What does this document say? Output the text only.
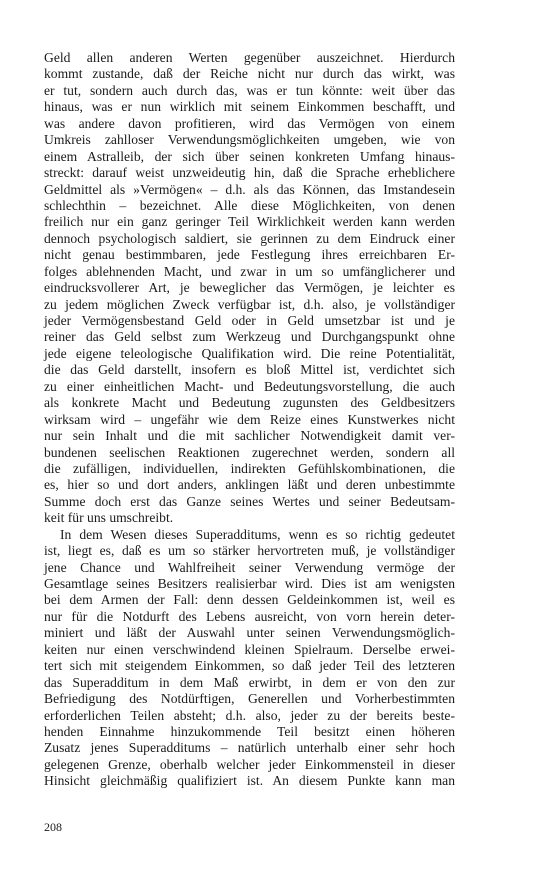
Geld allen anderen Werten gegenüber auszeichnet. Hierdurch
kommt zustande, daß der Reiche nicht nur durch das wirkt, was
er tut, sondern auch durch das, was er tun könnte: weit über das
hinaus, was er nun wirklich mit seinem Einkommen beschafft, und
was andere davon profitieren, wird das Vermögen von einem
Umkreis zahlloser Verwendungsmöglichkeiten umgeben, wie von
einem Astralleib, der sich über seinen konkreten Umfang hinaus-
streckt: darauf weist unzweideutig hin, daß die Sprache erheblichere
Geldmittel als »Vermögen« – d.h. als das Können, das Imstandesein
schlechthin – bezeichnet. Alle diese Möglichkeiten, von denen
freilich nur ein ganz geringer Teil Wirklichkeit werden kann werden
dennoch psychologisch saldiert, sie gerinnen zu dem Eindruck einer
nicht genau bestimmbaren, jede Festlegung ihres erreichbaren Er-
folges ablehnenden Macht, und zwar in um so umfänglicherer und
eindrucksvollerer Art, je beweglicher das Vermögen, je leichter es
zu jedem möglichen Zweck verfügbar ist, d.h. also, je vollständiger
jeder Vermögensbestand Geld oder in Geld umsetzbar ist und je
reiner das Geld selbst zum Werkzeug und Durchgangspunkt ohne
jede eigene teleologische Qualifikation wird. Die reine Potentialität,
die das Geld darstellt, insofern es bloß Mittel ist, verdichtet sich
zu einer einheitlichen Macht- und Bedeutungsvorstellung, die auch
als konkrete Macht und Bedeutung zugunsten des Geldbesitzers
wirksam wird – ungefähr wie dem Reize eines Kunstwerkes nicht
nur sein Inhalt und die mit sachlicher Notwendigkeit damit ver-
bundenen seelischen Reaktionen zugerechnet werden, sondern all
die zufälligen, individuellen, indirekten Gefühlskombinationen, die
es, hier so und dort anders, anklingen läßt und deren unbestimmte
Summe doch erst das Ganze seines Wertes und seiner Bedeutsam-
keit für uns umschreibt.
In dem Wesen dieses Superadditums, wenn es so richtig gedeutet
ist, liegt es, daß es um so stärker hervortreten muß, je vollständiger
jene Chance und Wahlfreiheit seiner Verwendung vermöge der
Gesamtlage seines Besitzers realisierbar wird. Dies ist am wenigsten
bei dem Armen der Fall: denn dessen Geldeinkommen ist, weil es
nur für die Notdurft des Lebens ausreicht, von vorn herein deter-
miniert und läßt der Auswahl unter seinen Verwendungsmöglich-
keiten nur einen verschwindend kleinen Spielraum. Derselbe erwei-
tert sich mit steigendem Einkommen, so daß jeder Teil des letzteren
das Superadditum in dem Maß erwirbt, in dem er von den zur
Befriedigung des Notdürftigen, Generellen und Vorherbestimmten
erforderlichen Teilen absteht; d.h. also, jeder zu der bereits beste-
henden Einnahme hinzukommende Teil besitzt einen höheren
Zusatz jenes Superadditums – natürlich unterhalb einer sehr hoch
gelegenen Grenze, oberhalb welcher jeder Einkommensteil in dieser
Hinsicht gleichmäßig qualifiziert ist. An diesem Punkte kann man
208
